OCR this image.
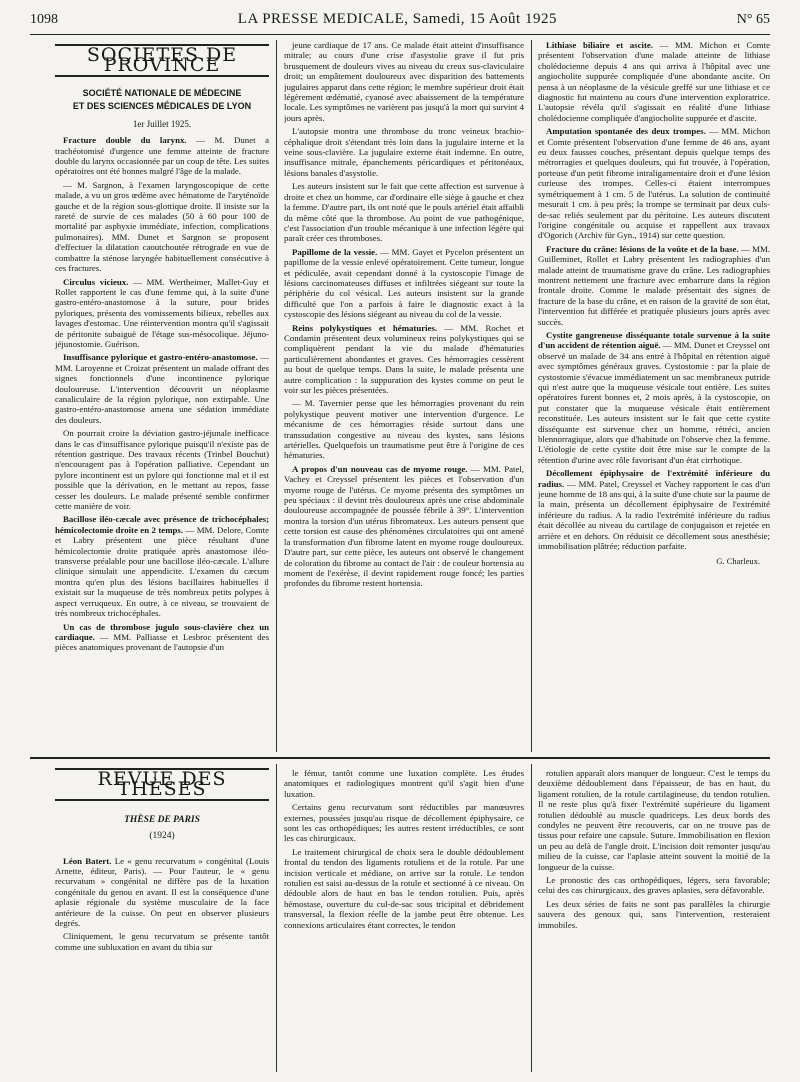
1098	LA PRESSE MEDICALE, Samedi, 15 Août 1925	N° 65
SOCIÉTÉS DE PROVINCE
SOCIÉTÉ NATIONALE DE MÉDECINE
ET DES SCIENCES MÉDICALES DE LYON
1er Juillet 1925.

Fracture double du larynx. — M. Dunet a trachéotomisé d'urgence une femme atteinte de fracture double du larynx occasionnée par un coup de tête. Les suites opératoires ont été bonnes malgré l'âge de la malade.

— M. Sargnon, à l'examen laryngoscopique de cette malade, a vu un gros œdème avec hématome de l'aryténoïde gauche et de la région sous-glottique droite. Il insiste sur la rareté de survie de ces malades (50 à 60 pour 100 de mortalité par asphyxie immédiate, infection, complications pulmonaires). MM. Dunet et Sargnon se proposent d'effectuer la dilatation caoutchoutée rétrograde en vue de combattre la sténose laryngée habituellement consécutive à ces fractures.

Circulus vicieux. — MM. Wertheimer, Mallet-Guy et Rollet rapportent le cas d'une femme qui, à la suite d'une gastro-entéro-anastomose à la suture, pour brides pyloriques, présenta des vomissements bilieux, rebelles aux lavages d'estomac. Une réintervention montra qu'il s'agissait de péritonite subaiguë de l'étage sus-mésocolique. Jéjuno-jéjunostomie. Guérison.

Insuffisance pylorique et gastro-entéro-anastomose. — MM. Laroyenne et Croizat présentent un malade offrant des signes fonctionnels d'une incontinence pylorique douloureuse. L'intervention découvrit un néoplasme canaliculaire de la région pylorique, non extirpable. Une gastro-entéro-anastomose amena une sédation immédiate des douleurs.

On pourrait croire la déviation gastro-jéjunale inefficace dans le cas d'insuffisance pylorique puisqu'il n'existe pas de rétention gastrique. Des travaux récents (Trinbel Bouchut) n'encouragent pas à l'opération palliative. Cependant un pylore incontinent est un pylore qui fonctionne mal et il est possible que la dérivation, en le mettant au repos, fasse cesser les douleurs. Le malade présenté semble confirmer cette manière de voir.

Bacillose iléo-cæcale avec présence de trichocéphales; hémicolectomie droite en 2 temps. — MM. Delore, Comte et Labry présentent une pièce résultant d'une hémicolectomie droite pratiquée après anastomose iléo-transverse préalable pour une bacillose iléo-cæcale. L'allure clinique simulait une appendicite. L'examen du cæcum montra qu'en plus des lésions bacillaires habituelles il existait sur la muqueuse de très nombreux petits polypes à aspect verruqueux. En outre, à ce niveau, se trouvaient de très nombreux trichocéphales.

Un cas de thrombose jugulo sous-clavière chez un cardiaque. — MM. Palliasse et Lesbroc présentent des pièces anatomiques provenant de l'autopsie d'un

jeune cardiaque de 17 ans. Ce malade était atteint d'insuffisance mitrale; au cours d'une crise d'asystolie grave il fut pris brusquement de douleurs vives au niveau du creux sus-claviculaire droit; un empâtement douloureux avec disparition des battements jugulaires apparut dans cette région; le membre supérieur droit était légèrement œdématié, cyanosé avec abaissement de la température locale. Les symptômes ne varièrent pas jusqu'à la mort qui survint 4 jours après.

L'autopsie montra une thrombose du tronc veineux brachio-céphalique droit s'étendant très loin dans la jugulaire interne et la veine sous-clavière. La jugulaire externe était indemne. En outre, insuffisance mitrale, épanchements péricardiques et péritonéaux, lésions banales d'asystolie.

Les auteurs insistent sur le fait que cette affection est survenue à droite et chez un homme, car d'ordinaire elle siège à gauche et chez la femme. D'autre part, ils ont noté que le pouls artériel était affaibli du même côté que la thrombose. Au point de vue pathogénique, c'est l'association d'un trouble mécanique à une infection légère qui paraît créer ces thromboses.

Papillome de la vessie. — MM. Gayet et Pycelon présentent un papillome de la vessie enlevé opératoirement. Cette tumeur, longue et pédiculée, avait cependant donné à la cystoscopie l'image de lésions carcinomateuses diffuses et infiltrées siégeant sur toute la périphérie du col vésical. Les auteurs insistent sur la grande difficulté que l'on a parfois à faire le diagnostic exact à la cystoscopie des lésions siégeant au niveau du col de la vessie.

Reins polykystiques et hématuries. — MM. Rochet et Condamin présentent deux volumineux reins polykystiques qui se compliquèrent pendant la vie du malade d'hématuries particulièrement abondantes et graves. Ces hémorragies cessèrent au bout de quelque temps. Dans la suite, le malade présenta une autre complication : la suppuration des kystes comme on peut le voir sur les pièces présentées.

— M. Tavernier pense que les hémorragies provenant du rein polykystique peuvent motiver une intervention d'urgence. Le mécanisme de ces hémorragies réside surtout dans une transsudation congestive au niveau des kystes, sans lésions artérielles. Quelquefois un traumatisme peut être à l'origine de ces hématuries.

A propos d'un nouveau cas de myome rouge. — MM. Patel, Vachey et Creyssel présentent les pièces et l'observation d'un myome rouge de l'utérus. Ce myome présenta des symptômes un peu spéciaux : il devint très douloureux après une crise abdominale douloureuse accompagnée de poussée fébrile à 39°. L'intervention montra la torsion d'un utérus fibromateux. Les auteurs pensent que cette torsion est cause des phénomènes circulatoires qui ont amené la transformation d'un fibrome latent en myome rouge douloureux. D'autre part, sur cette pièce, les auteurs ont observé le changement de coloration du fibrome au contact de l'air : de couleur hortensia au moment de l'exérèse, il devint rapidement rouge foncé; les parties profondes du fibrome restent hortensia.

Lithiase biliaire et ascite. — MM. Michon et Comte présentent l'observation d'une malade atteinte de lithiase cholédocienne depuis 4 ans qui arriva à l'hôpital avec une angiocholite suppurée compliquée d'une abondante ascite. On pensa à un néoplasme de la vésicule greffé sur une lithiase et ce diagnostic fut maintenu au cours d'une intervention exploratrice. L'autopsie révéla qu'il s'agissait en réalité d'une lithiase cholédocienne compliquée d'angiocholite suppurée et d'ascite.

Amputation spontanée des deux trompes. — MM. Michon et Comte présentent l'observation d'une femme de 46 ans, ayant eu deux fausses couches, présentant depuis quelque temps des métrorragies et quelques douleurs, qui fut trouvée, à l'opération, porteuse d'un petit fibrome intraligamentaire droit et d'une lésion curieuse des trompes. Celles-ci étaient interrompues symétriquement à 1 cm. 5 de l'utérus. La solution de continuité mesurait 1 cm. à peu près; la trompe se terminait par deux culs-de-sac reliés seulement par du péritoine. Les auteurs discutent l'origine congénitale ou acquise et rappellent aux travaux d'Ogorich (Archiv für Gyn., 1914) sur cette question.

Fracture du crâne: lésions de la voûte et de la base. — MM. Guilleminet, Rollet et Labry présentent les radiographies d'un malade atteint de traumatisme grave du crâne. Les radiographies montrent nettement une fracture avec embarrure dans la région frontale droite. Comme le malade présentait des signes de fracture de la base du crâne, et en raison de la gravité de son état, l'intervention fut différée et pratiquée plusieurs jours après avec succès.

Cystite gangreneuse disséquante totale survenue à la suite d'un accident de rétention aiguë. — MM. Dunet et Creyssel ont observé un malade de 34 ans entré à l'hôpital en rétention aiguë avec symptômes généraux graves. Cystostomie : par la plaie de cystostomie s'évacue immédiatement un sac membraneux putride qui n'est autre que la muqueuse vésicale tout entière. Les suites opératoires furent bonnes et, 2 mois après, à la cystoscopie, on put constater que la muqueuse vésicale était entièrement reconstituée. Les auteurs insistent sur le fait que cette cystite disséquante est survenue chez un homme, rétréci, ancien blennorragique, alors que d'habitude on l'observe chez la femme. L'étiologie de cette cystite doit être mise sur le compte de la rétention d'urine avec rôle favorisant d'un état cirrhotique.

Décollement épiphysaire de l'extrémité inférieure du radius. — MM. Patel, Creyssel et Vachey rapportent le cas d'un jeune homme de 18 ans qui, à la suite d'une chute sur la paume de la main, présenta un décollement épiphysaire de l'extrémité inférieure du radius. A la radio l'extrémité inférieure du radius était décollée au niveau du cartilage de conjugaison et rejetée en arrière et en dehors. On réduisit ce décollement sous anesthésie; immobilisation plâtrée; réduction parfaite.

G. Charleux.
REVUE DES THÈSES
THÈSE DE PARIS
(1924)

Léon Batert. Le « genu recurvatum » congénital (Louis Arnette, éditeur, Paris). — Pour l'auteur, le « genu recurvatum » congénital ne diffère pas de la luxation congénitale du genou en avant. Il est la conséquence d'une aplasie régionale du système musculaire de la face antérieure de la cuisse. On peut en observer plusieurs degrés.

Cliniquement, le genu recurvatum se présente tantôt comme une subluxation en avant du tibia sur

le fémur, tantôt comme une luxation complète. Les études anatomiques et radiologiques montrent qu'il s'agit bien d'une luxation.

Certains genu recurvatum sont réductibles par manœuvres externes, poussées jusqu'au risque de décollement épiphysaire, ce sont les cas orthopédiques; les autres restent irréductibles, ce sont les cas chirurgicaux.

Le traitement chirurgical de choix sera le double dédoublement frontal du tendon des ligaments rotuliens et de la rotule. Par une incision verticale et médiane, on arrive sur la rotule. Le tendon rotulien est saisi au-dessus de la rotule et sectionné à ce niveau. On dédouble alors de haut en bas le tendon rotulien. Puis, après hémostase, ouverture du cul-de-sac sous tricipital et débridement transversal, la flexion réelle de la jambe peut être obtenue. Les connexions articulaires étant correctes, le tendon

rotulien apparaît alors manquer de longueur. C'est le temps du deuxième dédoublement dans l'épaisseur, de bas en haut, du ligament rotulien, de la rotule cartilagineuse, du tendon rotulien. Il ne reste plus qu'à fixer l'extrémité supérieure du ligament rotulien dédoublé au muscle quadriceps. Les deux bords des condyles ne peuvent être recouverts, car on ne trouve pas de tissus pour refaire une capsule. Suture. Immobilisation en flexion un peu au delà de l'angle droit. L'incision doit remonter jusqu'au milieu de la cuisse, car l'aplasie atteint souvent la moitié de la longueur de la cuisse.

Le pronostic des cas orthopédiques, légers, sera favorable; celui des cas chirurgicaux, des graves aplasies, sera défavorable.

Les deux séries de faits ne sont pas parallèles la chirurgie sauvera des genoux qui, sans l'intervention, resteraient immobiles.
